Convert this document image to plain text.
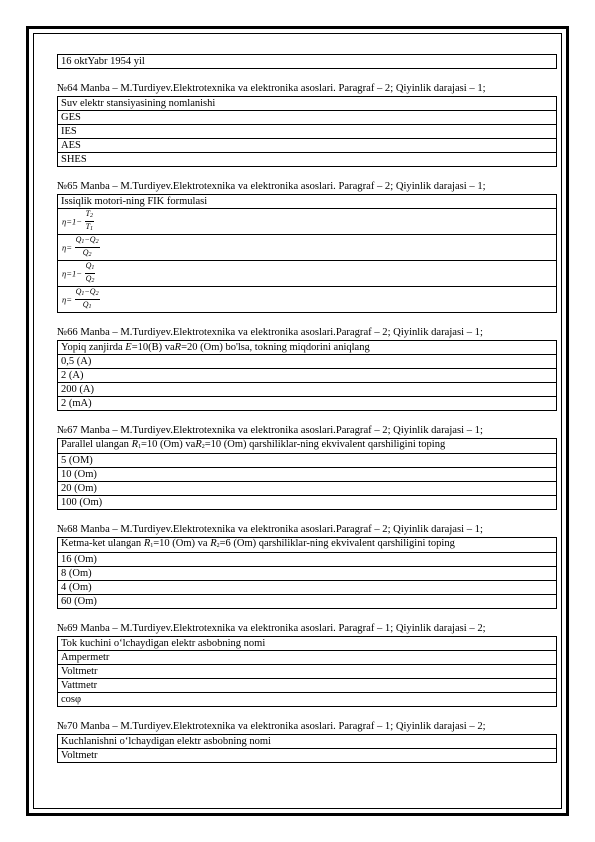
16 oktYabr 1954 yil
№64 Manba – M.Turdiyev.Elektrotexnika va elektronika asoslari. Paragraf – 2; Qiyinlik darajasi – 1;
Suv elektr stansiyasining nomlanishi
GES
IES
AES
SHES
№65 Manba – M.Turdiyev.Elektrotexnika va elektronika asoslari. Paragraf – 2; Qiyinlik darajasi – 1;
Issiqlik motori-ning FIK formulasi
$\eta=1- \frac{T_2}{T_1}$

$\eta= \frac{Q_1-Q_2}{Q_2}$

$\eta=1- \frac{Q_1}{Q_2}$

$\eta= \frac{Q_1-Q_2}{Q_1}$
№66 Manba – M.Turdiyev.Elektrotexnika va elektronika asoslari.Paragraf – 2; Qiyinlik darajasi – 1;
Yopiq zanjirda E=10(B) vaR=20 (Om) bo'lsa, tokning miqdorini aniqlang
0,5 (A)
2 (A)
200 (A)
2 (mA)
№67 Manba – M.Turdiyev.Elektrotexnika va elektronika asoslari.Paragraf – 2; Qiyinlik darajasi – 1;
Parallel ulangan $R_1=10$ (Om) vaR$_2$=10 (Om) qarshiliklar-ning ekvivalent qarshiligini toping
5 (OM)
10 (Om)
20 (Om)
100 (Om)
№68 Manba – M.Turdiyev.Elektrotexnika va elektronika asoslari.Paragraf – 2; Qiyinlik darajasi – 1;
Ketma-ket ulangan $R_1=10$ (Om) va $R_2=6$ (Om) qarshiliklar-ning ekvivalent qarshiligini toping
16 (Om)
8 (Om)
4 (Om)
60 (Om)
№69 Manba – M.Turdiyev.Elektrotexnika va elektronika asoslari. Paragraf – 1; Qiyinlik darajasi – 2;
Tok kuchini o‘lchaydigan elektr asbobning nomi
Ampermetr
Voltmetr
Vattmetr
cosφ
№70 Manba – M.Turdiyev.Elektrotexnika va elektronika asoslari. Paragraf – 1; Qiyinlik darajasi – 2;
Kuchlanishni o‘lchaydigan elektr asbobning nomi
Voltmetr
